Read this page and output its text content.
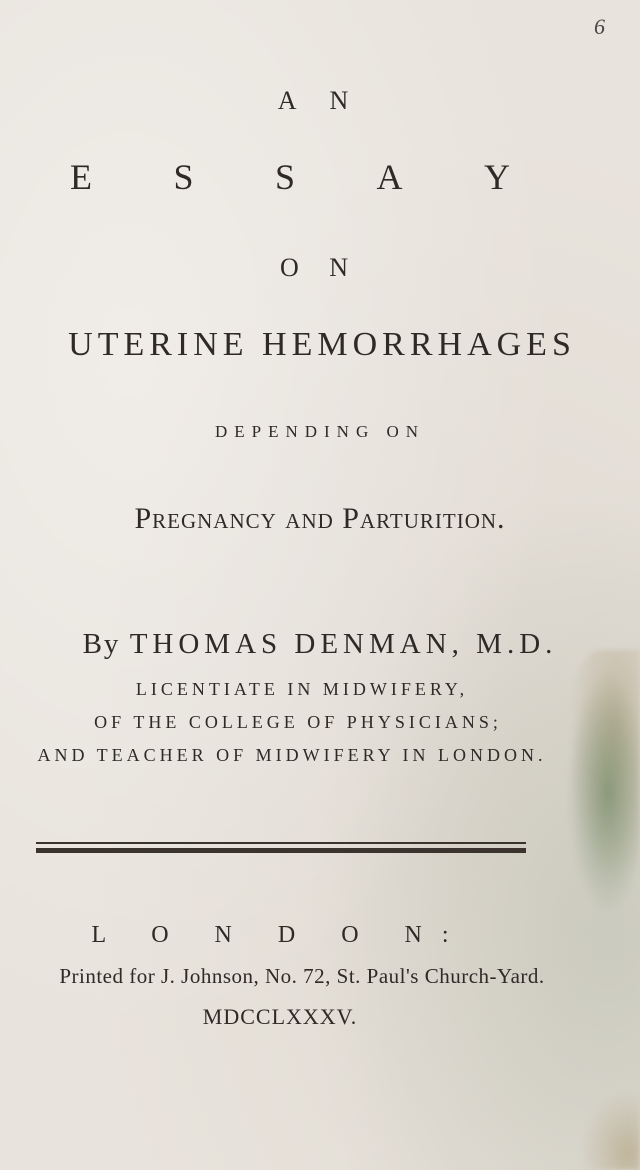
6
A N
E S S A Y
O N
UTERINE HEMORRHAGES
DEPENDING ON
Pregnancy and Parturition.
By THOMAS DENMAN, M.D.
LICENTIATE IN MIDWIFERY,
OF THE COLLEGE OF PHYSICIANS;
AND TEACHER OF MIDWIFERY IN LONDON.
L O N D O N:
Printed for J. Johnson, No. 72, St. Paul's Church-Yard.
MDCCLXXXV.
